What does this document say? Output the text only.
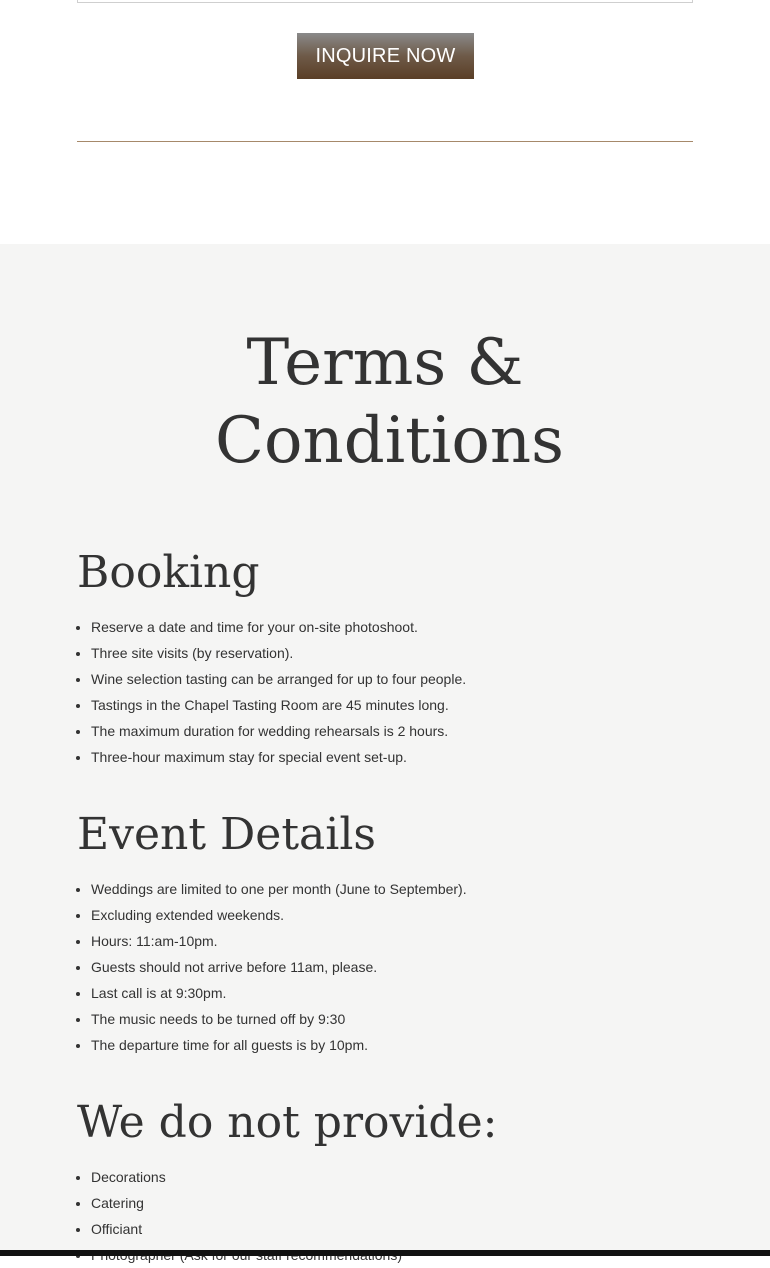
INQUIRE NOW
Terms & Conditions
Booking
• Reserve a date and time for your on-site photoshoot.
• Three site visits (by reservation).
• Wine selection tasting can be arranged for up to four people.
• Tastings in the Chapel Tasting Room are 45 minutes long.
• The maximum duration for wedding rehearsals is 2 hours.
• Three-hour maximum stay for special event set-up.
Event Details
• Weddings are limited to one per month (June to September).
• Excluding extended weekends.
• Hours: 11:am-10pm.
• Guests should not arrive before 11am, please.
• Last call is at 9:30pm.
• The music needs to be turned off by 9:30
• The departure time for all guests is by 10pm.
We do not provide:
• Decorations
• Catering
• Officiant
•
